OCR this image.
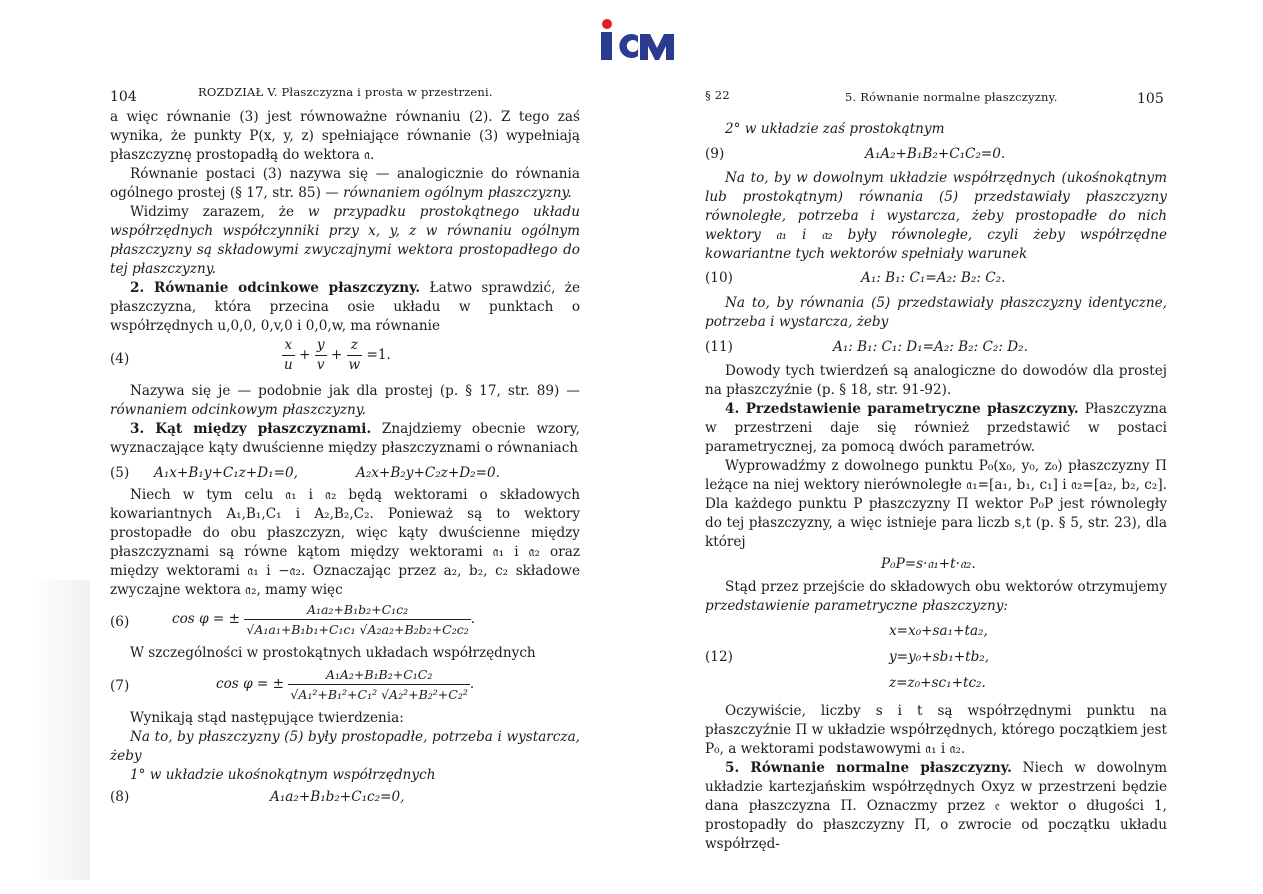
104	ROZDZIAŁ V. Płaszczyzna i prosta w przestrzeni.

a więc równanie (3) jest równoważne równaniu (2). Z tego zaś wynika, że punkty P(x, y, z) spełniające równanie (3) wypełniają płaszczyznę prostopadłą do wektora 𝔞.

Równanie postaci (3) nazywa się — analogicznie do równania ogólnego prostej (§ 17, str. 85) — równaniem ogólnym płaszczyzny.

Widzimy zarazem, że w przypadku prostokątnego układu współrzędnych współczynniki przy x, y, z w równaniu ogólnym płaszczyzny są składowymi zwyczajnymi wektora prostopadłego do tej płaszczyzny.

2. Równanie odcinkowe płaszczyzny. Łatwo sprawdzić, że płaszczyzna, która przecina osie układu w punktach o współrzędnych u,0,0, 0,v,0 i 0,0,w, ma równanie

(4)	$\frac{x}{u} + \frac{y}{v} + \frac{z}{w} =1$.

Nazywa się je — podobnie jak dla prostej (p. § 17, str. 89) — równaniem odcinkowym płaszczyzny.

3. Kąt między płaszczyznami. Znajdziemy obecnie wzory, wyznaczające kąty dwuścienne między płaszczyznami o równaniach

(5) A₁x+B₁y+C₁z+D₁=0,	A₂x+B₂y+C₂z+D₂=0.

Niech w tym celu 𝔞₁ i 𝔞₂ będą wektorami o składowych kowariantnych A₁,B₁,C₁ i A₂,B₂,C₂. Ponieważ są to wektory prostopadłe do obu płaszczyzn, więc kąty dwuścienne między płaszczyznami są równe kątom między wektorami 𝔞₁ i 𝔞₂ oraz między wektorami 𝔞₁ i −𝔞₂. Oznaczając przez a₂, b₂, c₂ składowe zwyczajne wektora 𝔞₂, mamy więc

(6)	cos φ = ± $\frac{\text{A₁a₂+B₁b₂+C₁c₂}}{\text{√A₁a₁+B₁b₁+C₁c₁ √A₂a₂+B₂b₂+C₂c₂}}$ .

W szczególności w prostokątnych układach współrzędnych

(7)	cos φ = ± $\frac{\text{A₁A₂+B₁B₂+C₁C₂}}{\text{√A₁²+B₁²+C₁² √A₂²+B₂²+C₂²}}$ .

Wynikają stąd następujące twierdzenia:

Na to, by płaszczyzny (5) były prostopadłe, potrzeba i wystarcza, żeby

1° w układzie ukośnokątnym współrzędnych

(8)	A₁a₂+B₁b₂+C₁c₂=0,
§ 22	5. Równanie normalne płaszczyzny.	105

2° w układzie zaś prostokątnym

(9)	A₁A₂+B₁B₂+C₁C₂=0.

Na to, by w dowolnym układzie współrzędnych (ukośnokątnym lub prostokątnym) równania (5) przedstawiały płaszczyzny równoległe, potrzeba i wystarcza, żeby prostopadłe do nich wektory 𝔞₁ i 𝔞₂ były równoległe, czyli żeby współrzędne kowariantne tych wektorów spełniały warunek

(10)	A₁: B₁: C₁=A₂: B₂: C₂.

Na to, by równania (5) przedstawiały płaszczyzny identyczne, potrzeba i wystarcza, żeby

(11)	A₁: B₁: C₁: D₁=A₂: B₂: C₂: D₂.

Dowody tych twierdzeń są analogiczne do dowodów dla prostej na płaszczyźnie (p. § 18, str. 91-92).

4. Przedstawienie parametryczne płaszczyzny. Płaszczyzna w przestrzeni daje się również przedstawić w postaci parametrycznej, za pomocą dwóch parametrów.

Wyprowadźmy z dowolnego punktu P₀(x₀, y₀, z₀) płaszczyzny Π leżące na niej wektory nierównoległe 𝔞₁=[a₁, b₁, c₁] i 𝔞₂=[a₂, b₂, c₂]. Dla każdego punktu P płaszczyzny Π wektor P₀P jest równoległy do tej płaszczyzny, a więc istnieje para liczb s,t (p. § 5, str. 23), dla której

P₀P=s·𝔞₁+t·𝔞₂.

Stąd przez przejście do składowych obu wektorów otrzymujemy przedstawienie parametryczne płaszczyzny:

(12)
x=x₀+sa₁+ta₂,
y=y₀+sb₁+tb₂,
z=z₀+sc₁+tc₂.

Oczywiście, liczby s i t są współrzędnymi punktu na płaszczyźnie Π w układzie współrzędnych, którego początkiem jest P₀, a wektorami podstawowymi 𝔞₁ i 𝔞₂.

5. Równanie normalne płaszczyzny. Niech w dowolnym układzie kartezjańskim współrzędnych Oxyz w przestrzeni będzie dana płaszczyzna Π. Oznaczmy przez 𝔢 wektor o długości 1, prostopadły do płaszczyzny Π, o zwrocie od początku układu współrzęd-
